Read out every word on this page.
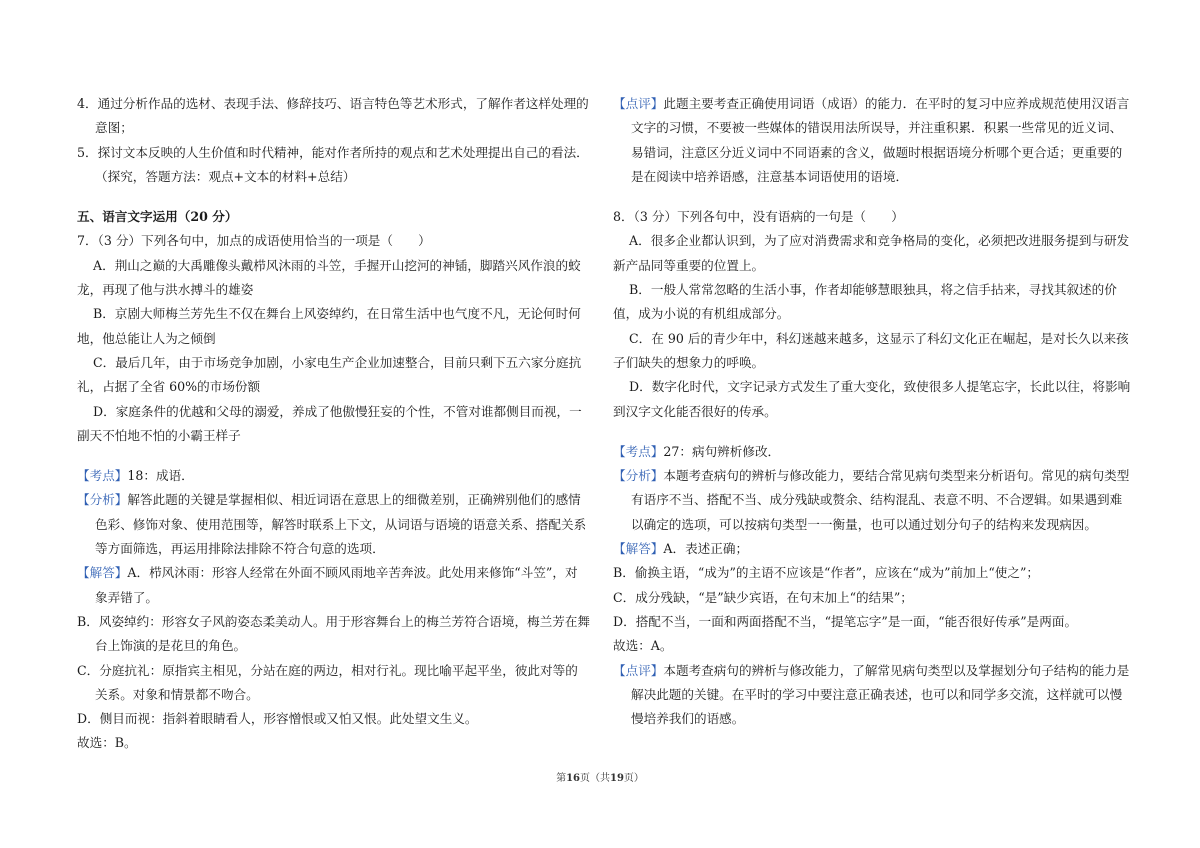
4．通过分析作品的选材、表现手法、修辞技巧、语言特色等艺术形式，了解作者这样处理的意图；

5．探讨文本反映的人生价值和时代精神，能对作者所持的观点和艺术处理提出自己的看法．（探究，答题方法：观点+文本的材料+总结）

五、语言文字运用（20 分）

7．（3 分）下列各句中，加点的成语使用恰当的一项是（　　）

A．荆山之巅的大禹雕像头戴栉风沐雨的斗笠，手握开山挖河的神锸，脚踏兴风作浪的蛟龙，再现了他与洪水搏斗的雄姿

B．京剧大师梅兰芳先生不仅在舞台上风姿绰约，在日常生活中也气度不凡，无论何时何地，他总能让人为之倾倒

C．最后几年，由于市场竞争加剧，小家电生产企业加速整合，目前只剩下五六家分庭抗礼，占据了全省 60%的市场份额

D．家庭条件的优越和父母的溺爱，养成了他傲慢狂妄的个性，不管对谁都侧目而视，一副天不怕地不怕的小霸王样子

【考点】18：成语．

【分析】解答此题的关键是掌握相似、相近词语在意思上的细微差别，正确辨别他们的感情色彩、修饰对象、使用范围等，解答时联系上下文，从词语与语境的语意关系、搭配关系等方面筛选，再运用排除法排除不符合句意的选项．

【解答】A．栉风沐雨：形容人经常在外面不顾风雨地辛苦奔波。此处用来修饰“斗笠”，对象弄错了。

B．风姿绰约：形容女子风韵姿态柔美动人。用于形容舞台上的梅兰芳符合语境，梅兰芳在舞台上饰演的是花旦的角色。

C．分庭抗礼：原指宾主相见，分站在庭的两边，相对行礼。现比喻平起平坐，彼此对等的关系。对象和情景都不吻合。

D．侧目而视：指斜着眼睛看人，形容憎恨或又怕又恨。此处望文生义。

故选：B。

【点评】此题主要考查正确使用词语（成语）的能力．在平时的复习中应养成规范使用汉语言文字的习惯，不要被一些媒体的错误用法所误导，并注重积累．积累一些常见的近义词、易错词，注意区分近义词中不同语素的含义，做题时根据语境分析哪个更合适；更重要的是在阅读中培养语感，注意基本词语使用的语境．

8．（3 分）下列各句中，没有语病的一句是（　　）

A．很多企业都认识到，为了应对消费需求和竞争格局的变化，必须把改进服务提到与研发新产品同等重要的位置上。

B．一般人常常忽略的生活小事，作者却能够慧眼独具，将之信手拈来，寻找其叙述的价值，成为小说的有机组成部分。

C．在 90 后的青少年中，科幻迷越来越多，这显示了科幻文化正在崛起，是对长久以来孩子们缺失的想象力的呼唤。

D．数字化时代，文字记录方式发生了重大变化，致使很多人提笔忘字，长此以往，将影响到汉字文化能否很好的传承。

【考点】27：病句辨析修改．

【分析】本题考查病句的辨析与修改能力，要结合常见病句类型来分析语句。常见的病句类型有语序不当、搭配不当、成分残缺或赘余、结构混乱、表意不明、不合逻辑。如果遇到难以确定的选项，可以按病句类型一一衡量，也可以通过划分句子的结构来发现病因。

【解答】A．表述正确；

B．偷换主语，“成为”的主语不应该是“作者”，应该在“成为”前加上“使之”；

C．成分残缺，“是”缺少宾语，在句末加上“的结果”；

D．搭配不当，一面和两面搭配不当，“提笔忘字”是一面，“能否很好传承”是两面。

故选：A。

【点评】本题考查病句的辨析与修改能力，了解常见病句类型以及掌握划分句子结构的能力是解决此题的关键。在平时的学习中要注意正确表述，也可以和同学多交流，这样就可以慢慢培养我们的语感。

第16页（共19页）
